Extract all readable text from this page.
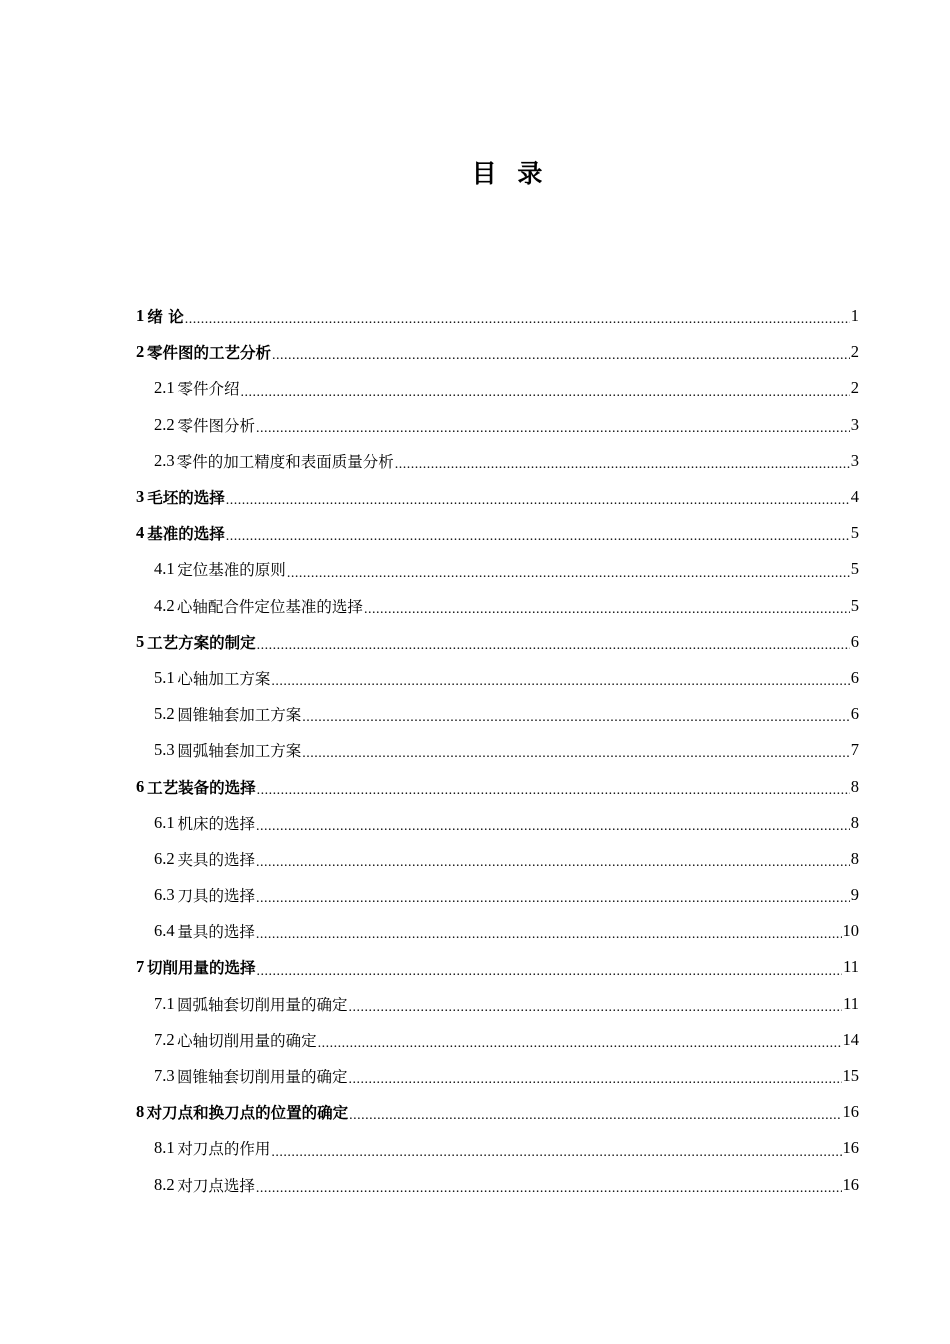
目 录
1 绪 论 .....	1
2 零件图的工艺分析 .....	2
2.1 零件介绍 .....	2
2.2 零件图分析 .....	3
2.3 零件的加工精度和表面质量分析 .....	3
3 毛坯的选择 .....	4
4 基准的选择 .....	5
4.1 定位基准的原则 .....	5
4.2 心轴配合件定位基准的选择 .....	5
5 工艺方案的制定 .....	6
5.1 心轴加工方案 .....	6
5.2 圆锥轴套加工方案 .....	6
5.3 圆弧轴套加工方案 .....	7
6 工艺装备的选择 .....	8
6.1 机床的选择 .....	8
6.2 夹具的选择 .....	8
6.3 刀具的选择 .....	9
6.4 量具的选择 .....	10
7 切削用量的选择 .....	11
7.1 圆弧轴套切削用量的确定 .....	11
7.2 心轴切削用量的确定 .....	14
7.3 圆锥轴套切削用量的确定 .....	15
8 对刀点和换刀点的位置的确定 .....	16
8.1 对刀点的作用 .....	16
8.2 对刀点选择 .....	16
